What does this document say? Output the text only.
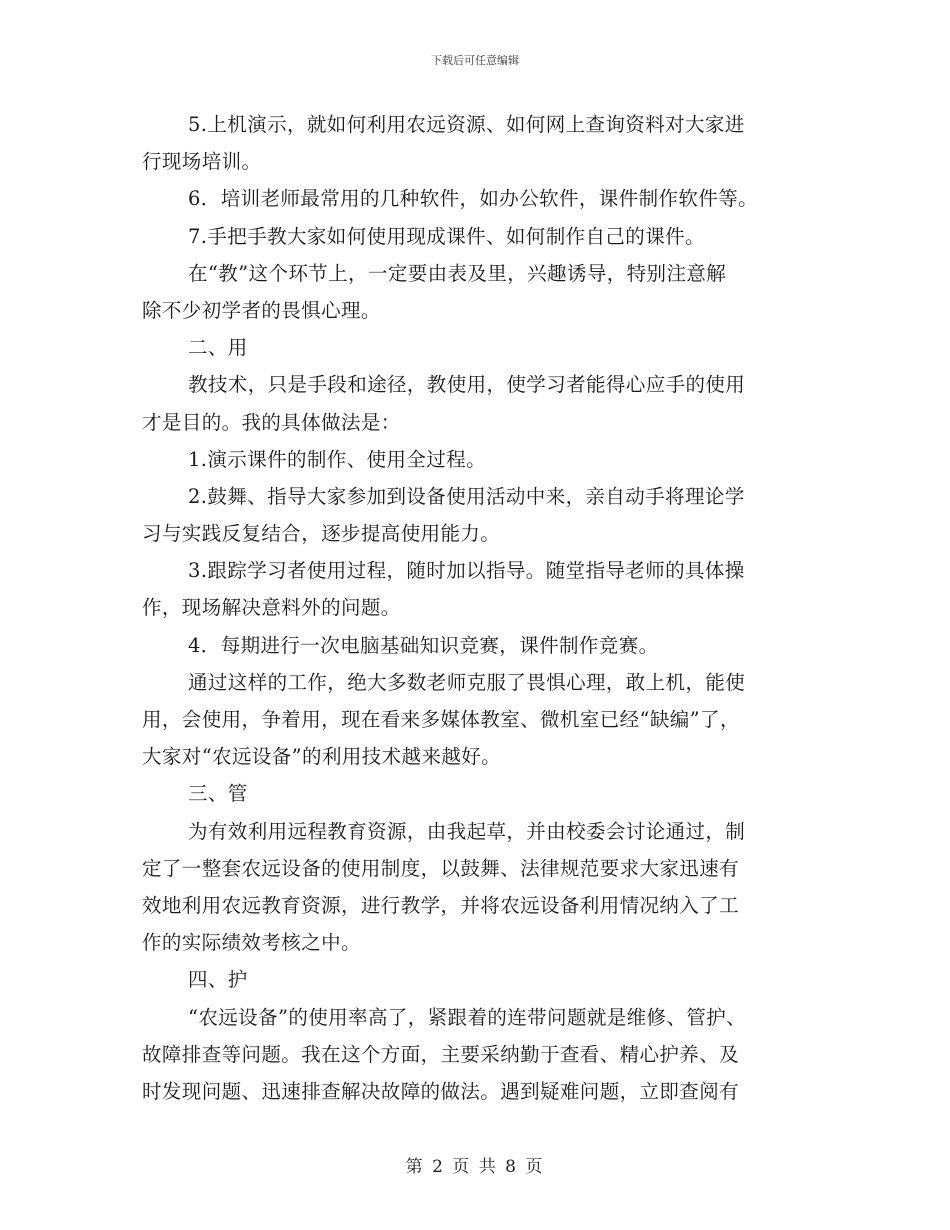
下载后可任意编辑
5.上机演示，就如何利用农远资源、如何网上查询资料对大家进
行现场培训。
6．培训老师最常用的几种软件，如办公软件，课件制作软件等。
7.手把手教大家如何使用现成课件、如何制作自己的课件。
在“教”这个环节上，一定要由表及里，兴趣诱导，特别注意解
除不少初学者的畏惧心理。
二、用
教技术，只是手段和途径，教使用，使学习者能得心应手的使用
才是目的。我的具体做法是：
1.演示课件的制作、使用全过程。
2.鼓舞、指导大家参加到设备使用活动中来，亲自动手将理论学
习与实践反复结合，逐步提高使用能力。
3.跟踪学习者使用过程，随时加以指导。随堂指导老师的具体操
作，现场解决意料外的问题。
4．每期进行一次电脑基础知识竞赛，课件制作竞赛。
通过这样的工作，绝大多数老师克服了畏惧心理，敢上机，能使
用，会使用，争着用，现在看来多媒体教室、微机室已经“缺编”了，
大家对“农远设备”的利用技术越来越好。
三、管
为有效利用远程教育资源，由我起草，并由校委会讨论通过，制
定了一整套农远设备的使用制度，以鼓舞、法律规范要求大家迅速有
效地利用农远教育资源，进行教学，并将农远设备利用情况纳入了工
作的实际绩效考核之中。
四、护
“农远设备”的使用率高了，紧跟着的连带问题就是维修、管护、
故障排查等问题。我在这个方面，主要采纳勤于查看、精心护养、及
时发现问题、迅速排查解决故障的做法。遇到疑难问题，立即查阅有
第 2 页 共 8 页
